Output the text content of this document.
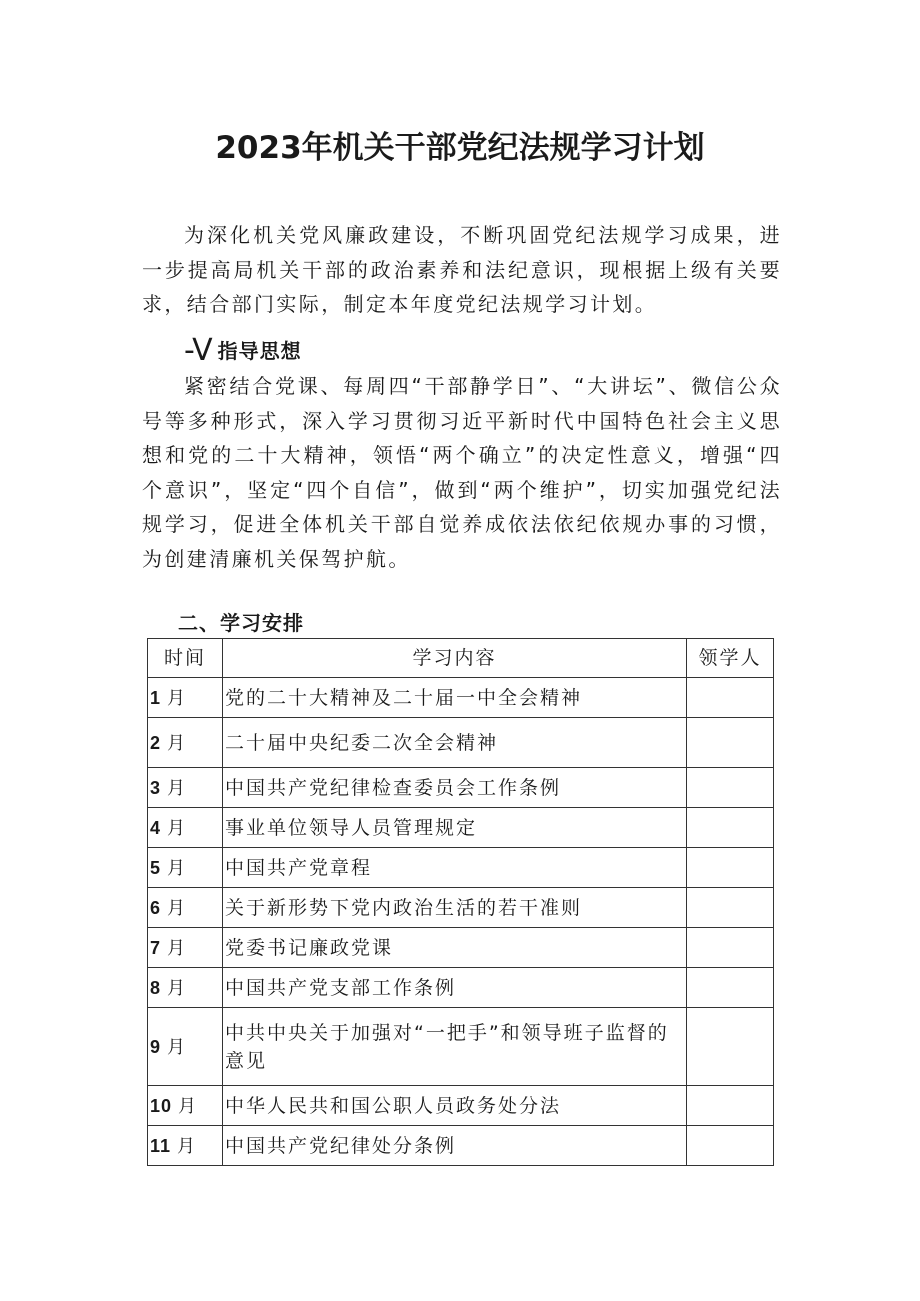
2023年机关干部党纪法规学习计划

为深化机关党风廉政建设，不断巩固党纪法规学习成果，进一步提高局机关干部的政治素养和法纪意识，现根据上级有关要求，结合部门实际，制定本年度党纪法规学习计划。

-V 指导思想

紧密结合党课、每周四“干部静学日”、“大讲坛”、微信公众号等多种形式，深入学习贯彻习近平新时代中国特色社会主义思想和党的二十大精神，领悟“两个确立”的决定性意义，增强“四个意识”，坚定“四个自信”，做到“两个维护”，切实加强党纪法规学习，促进全体机关干部自觉养成依法依纪依规办事的习惯，为创建清廉机关保驾护航。

二、学习安排
时间	学习内容	领学人
1 月	党的二十大精神及二十届一中全会精神	
2 月	二十届中央纪委二次全会精神	
3 月	中国共产党纪律检查委员会工作条例	
4 月	事业单位领导人员管理规定	
5 月	中国共产党章程	
6 月	关于新形势下党内政治生活的若干准则	
7 月	党委书记廉政党课	
8 月	中国共产党支部工作条例	
9 月	中共中央关于加强对“一把手”和领导班子监督的意见	
10 月	中华人民共和国公职人员政务处分法	
11 月	中国共产党纪律处分条例	
